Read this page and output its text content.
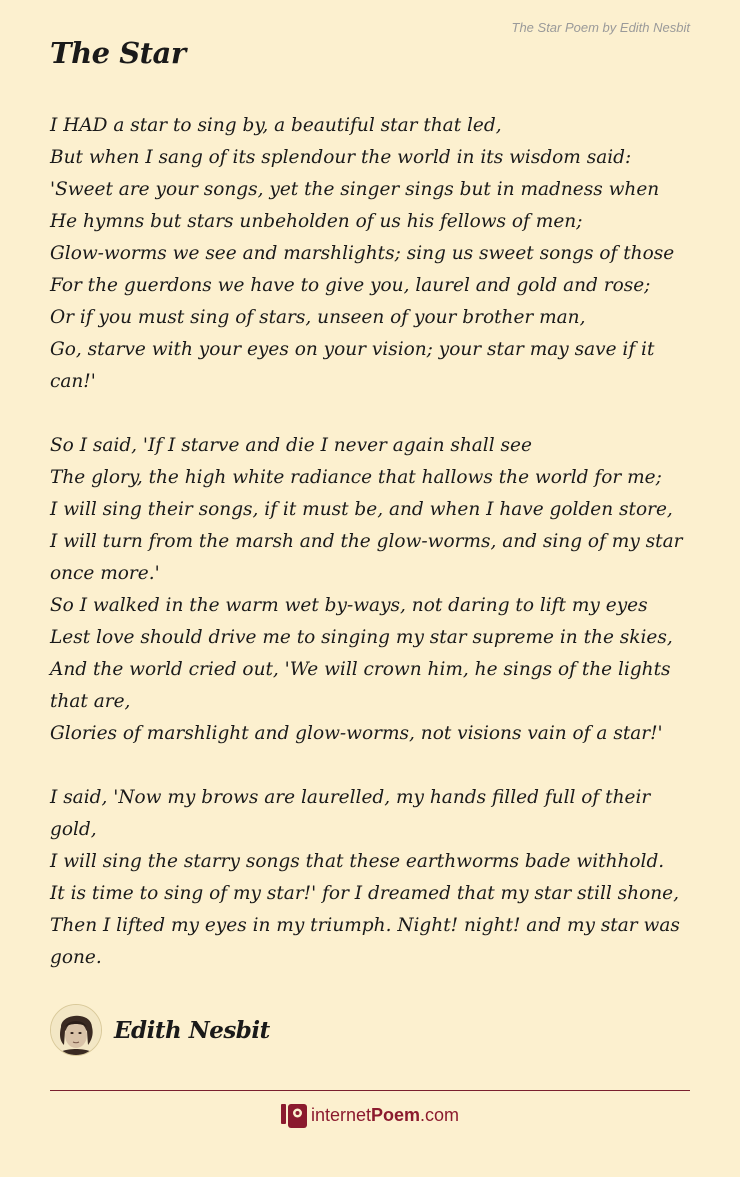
The Star Poem by Edith Nesbit
The Star
I HAD a star to sing by, a beautiful star that led,
But when I sang of its splendour the world in its wisdom said:
'Sweet are your songs, yet the singer sings but in madness when
He hymns but stars unbeholden of us his fellows of men;
Glow-worms we see and marshlights; sing us sweet songs of those
For the guerdons we have to give you, laurel and gold and rose;
Or if you must sing of stars, unseen of your brother man,
Go, starve with your eyes on your vision; your star may save if it can!'
So I said, 'If I starve and die I never again shall see
The glory, the high white radiance that hallows the world for me;
I will sing their songs, if it must be, and when I have golden store,
I will turn from the marsh and the glow-worms, and sing of my star once more.'
So I walked in the warm wet by-ways, not daring to lift my eyes
Lest love should drive me to singing my star supreme in the skies,
And the world cried out, 'We will crown him, he sings of the lights that are,
Glories of marshlight and glow-worms, not visions vain of a star!'
I said, 'Now my brows are laurelled, my hands filled full of their gold,
I will sing the starry songs that these earthworms bade withhold.
It is time to sing of my star!' for I dreamed that my star still shone,
Then I lifted my eyes in my triumph. Night! night! and my star was gone.
Edith Nesbit
internet Poem .com
